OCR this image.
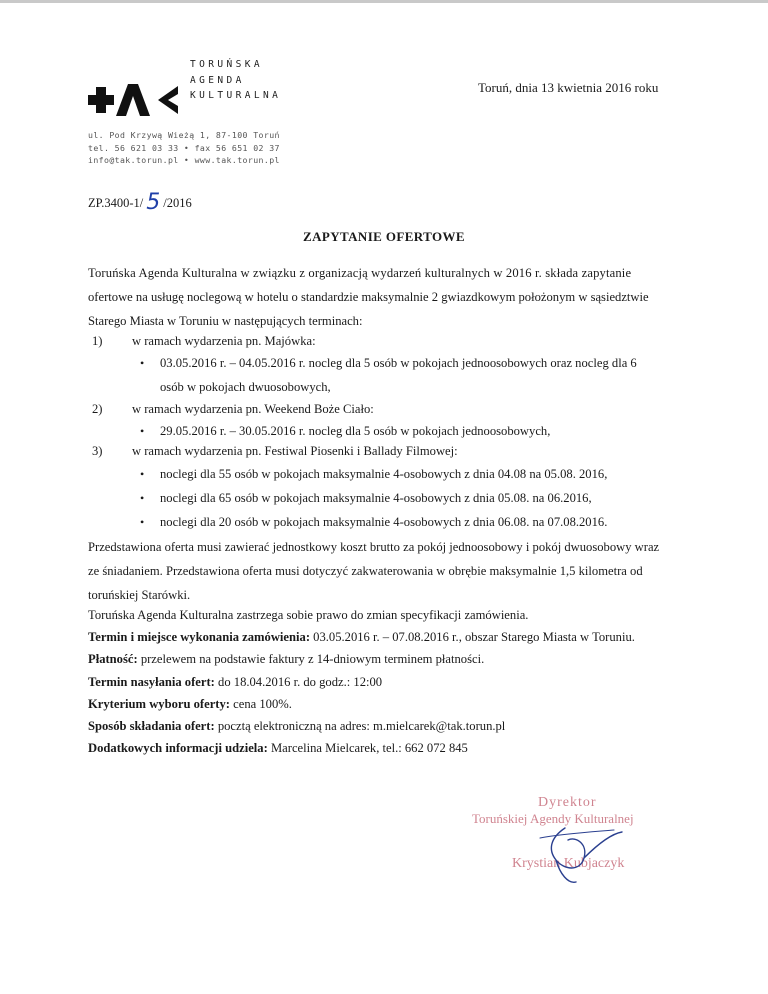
TORUŃSKA
AGENDA
KULTURALNA
ul. Pod Krzywą Wieżą 1, 87-100 Toruń
tel. 56 621 03 33 • fax 56 651 02 37
info@tak.torun.pl • www.tak.torun.pl
Toruń, dnia 13 kwietnia 2016 roku
ZP.3400-1/ 5 /2016
ZAPYTANIE OFERTOWE
Toruńska Agenda Kulturalna w związku z organizacją wydarzeń kulturalnych w 2016 r. składa zapytanie
ofertowe na usługę noclegową w hotelu o standardzie maksymalnie 2 gwiazdkowym położonym w sąsiedztwie
Starego Miasta w Toruniu w następujących terminach:
1) w ramach wydarzenia pn. Majówka:
• 03.05.2016 r. – 04.05.2016 r. nocleg dla 5 osób w pokojach jednoosobowych oraz nocleg dla 6
osób w pokojach dwuosobowych,
2) w ramach wydarzenia pn. Weekend Boże Ciało:
• 29.05.2016 r. – 30.05.2016 r. nocleg dla 5 osób w pokojach jednoosobowych,
3) w ramach wydarzenia pn. Festiwal Piosenki i Ballady Filmowej:
• noclegi dla 55 osób w pokojach maksymalnie 4-osobowych z dnia 04.08 na 05.08. 2016,
• noclegi dla 65 osób w pokojach maksymalnie 4-osobowych z dnia 05.08. na 06.2016,
• noclegi dla 20 osób w pokojach maksymalnie 4-osobowych z dnia 06.08. na 07.08.2016.
Przedstawiona oferta musi zawierać jednostkowy koszt brutto za pokój jednoosobowy i pokój dwuosobowy wraz
ze śniadaniem. Przedstawiona oferta musi dotyczyć zakwaterowania w obrębie maksymalnie 1,5 kilometra od
toruńskiej Starówki.
Toruńska Agenda Kulturalna zastrzega sobie prawo do zmian specyfikacji zamówienia.
Termin i miejsce wykonania zamówienia: 03.05.2016 r. – 07.08.2016 r., obszar Starego Miasta w Toruniu.
Płatność: przelewem na podstawie faktury z 14-dniowym terminem płatności.
Termin nasyłania ofert: do 18.04.2016 r. do godz.: 12:00
Kryterium wyboru oferty: cena 100%.
Sposób składania ofert: pocztą elektroniczną na adres: m.mielcarek@tak.torun.pl
Dodatkowych informacji udziela: Marcelina Mielcarek, tel.: 662 072 845
Dyrektor
Toruńskiej Agendy Kulturalnej
Krystian Kubjaczyk
